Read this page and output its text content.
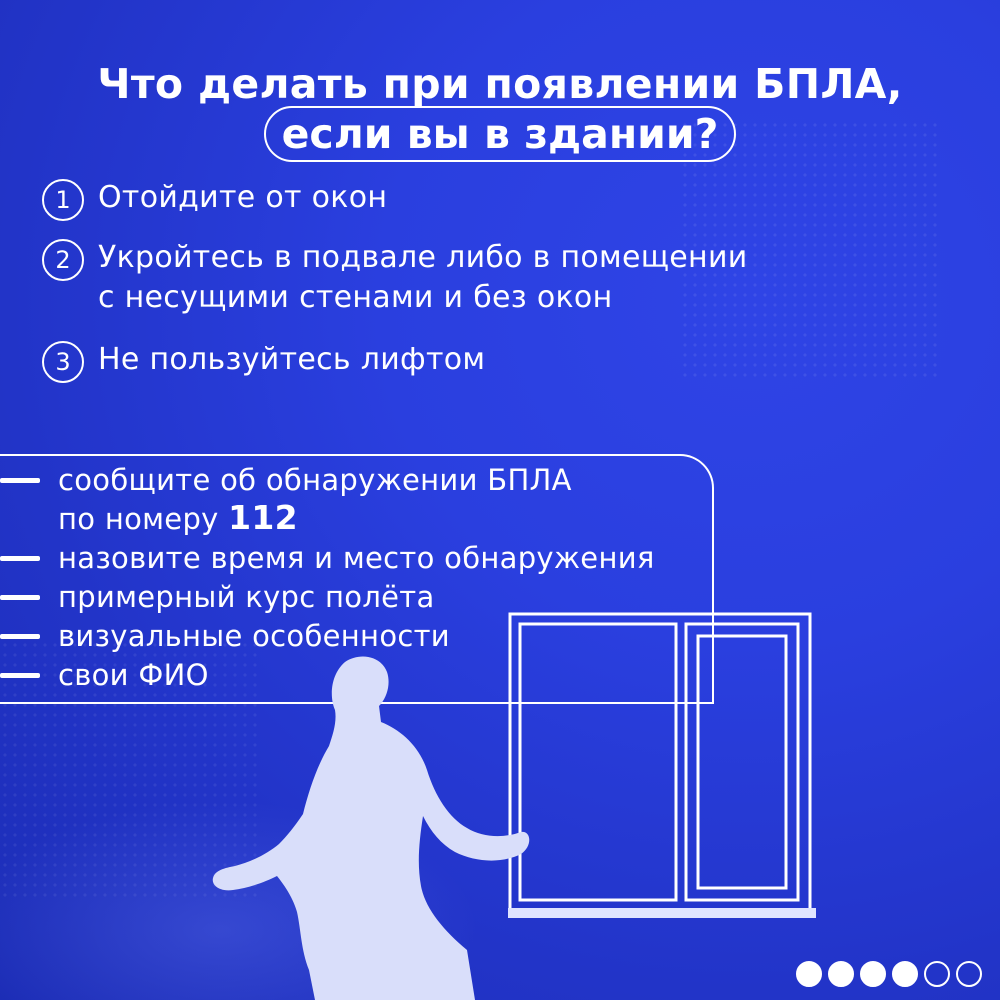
Что делать при появлении БПЛА,
если вы в здании?
1 Отойдите от окон
2 Укройтесь в подвале либо в помещении
с несущими стенами и без окон
3 Не пользуйтесь лифтом
сообщите об обнаружении БПЛА
по номеру 112
назовите время и место обнаружения
примерный курс полёта
визуальные особенности
свои ФИО
